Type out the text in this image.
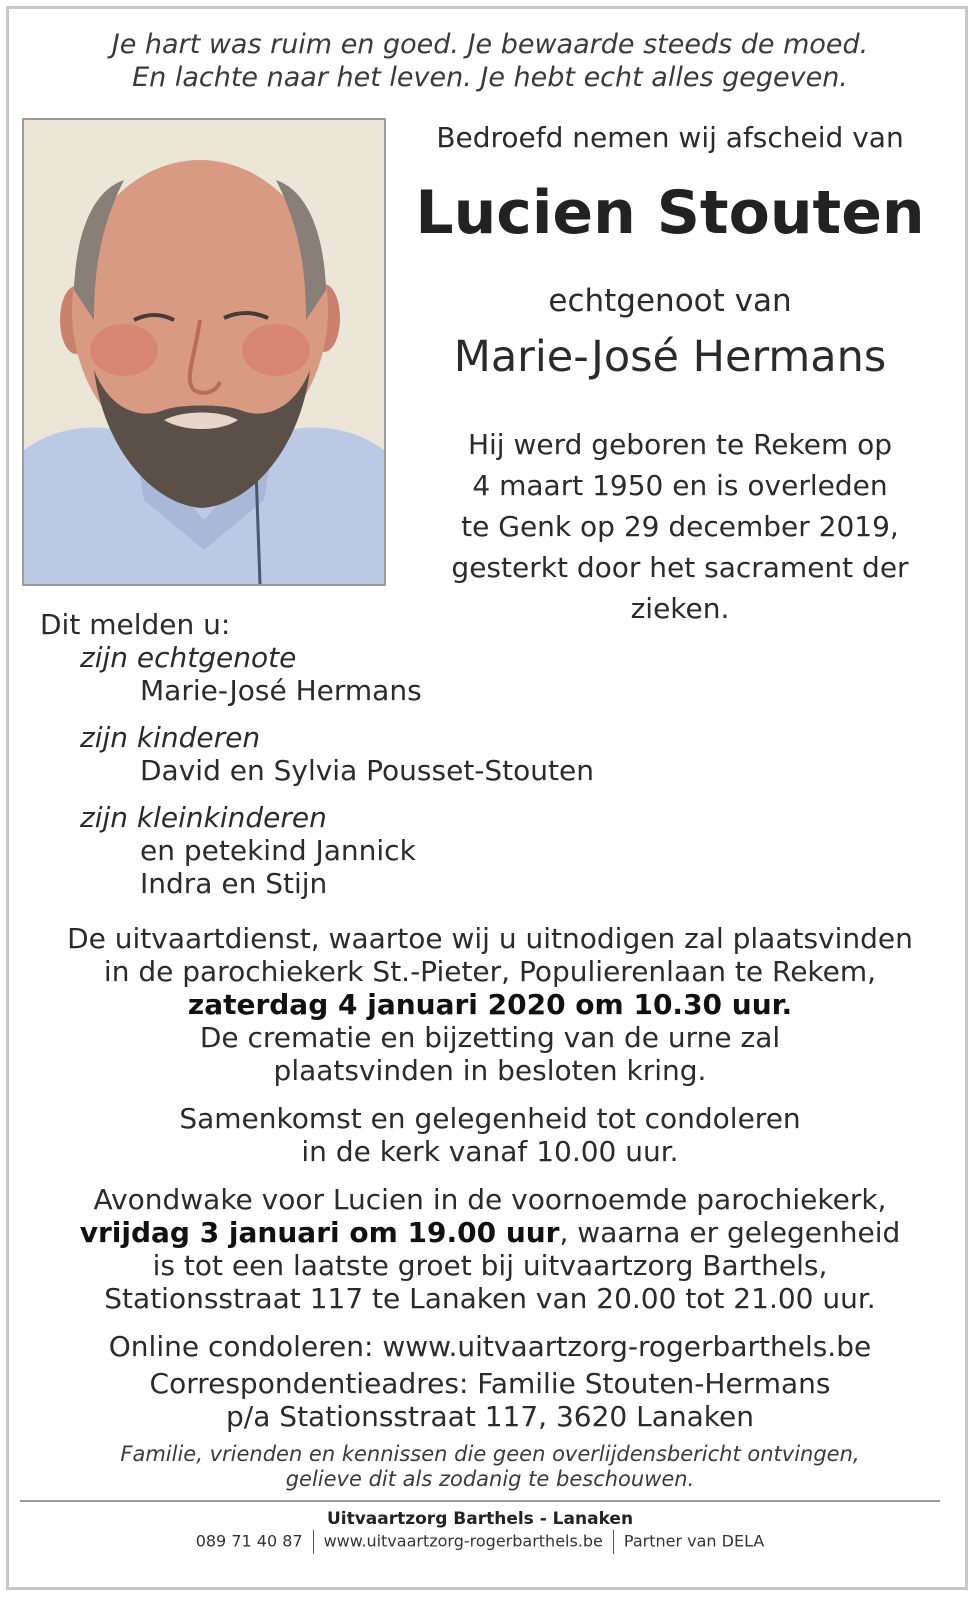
Je hart was ruim en goed. Je bewaarde steeds de moed.
En lachte naar het leven. Je hebt echt alles gegeven.
Bedroefd nemen wij afscheid van
Lucien Stouten
echtgenoot van
Marie-José Hermans
Hij werd geboren te Rekem op
4 maart 1950 en is overleden
te Genk op 29 december 2019,
gesterkt door het sacrament der zieken.
Dit melden u:
zijn echtgenote
Marie-José Hermans
zijn kinderen
David en Sylvia Pousset-Stouten
zijn kleinkinderen
en petekind Jannick
Indra en Stijn
De uitvaartdienst, waartoe wij u uitnodigen zal plaatsvinden
in de parochiekerk St.-Pieter, Populierenlaan te Rekem,
zaterdag 4 januari 2020 om 10.30 uur.
De crematie en bijzetting van de urne zal
plaatsvinden in besloten kring.
Samenkomst en gelegenheid tot condoleren
in de kerk vanaf 10.00 uur.
Avondwake voor Lucien in de voornoemde parochiekerk,
vrijdag 3 januari om 19.00 uur, waarna er gelegenheid
is tot een laatste groet bij uitvaartzorg Barthels,
Stationsstraat 117 te Lanaken van 20.00 tot 21.00 uur.
Online condoleren: www.uitvaartzorg-rogerbarthels.be
Correspondentieadres: Familie Stouten-Hermans
p/a Stationsstraat 117, 3620 Lanaken
Familie, vrienden en kennissen die geen overlijdensbericht ontvingen,
gelieve dit als zodanig te beschouwen.
Uitvaartzorg Barthels - Lanaken
089 71 40 87 www.uitvaartzorg-rogerbarthels.be Partner van DELA
